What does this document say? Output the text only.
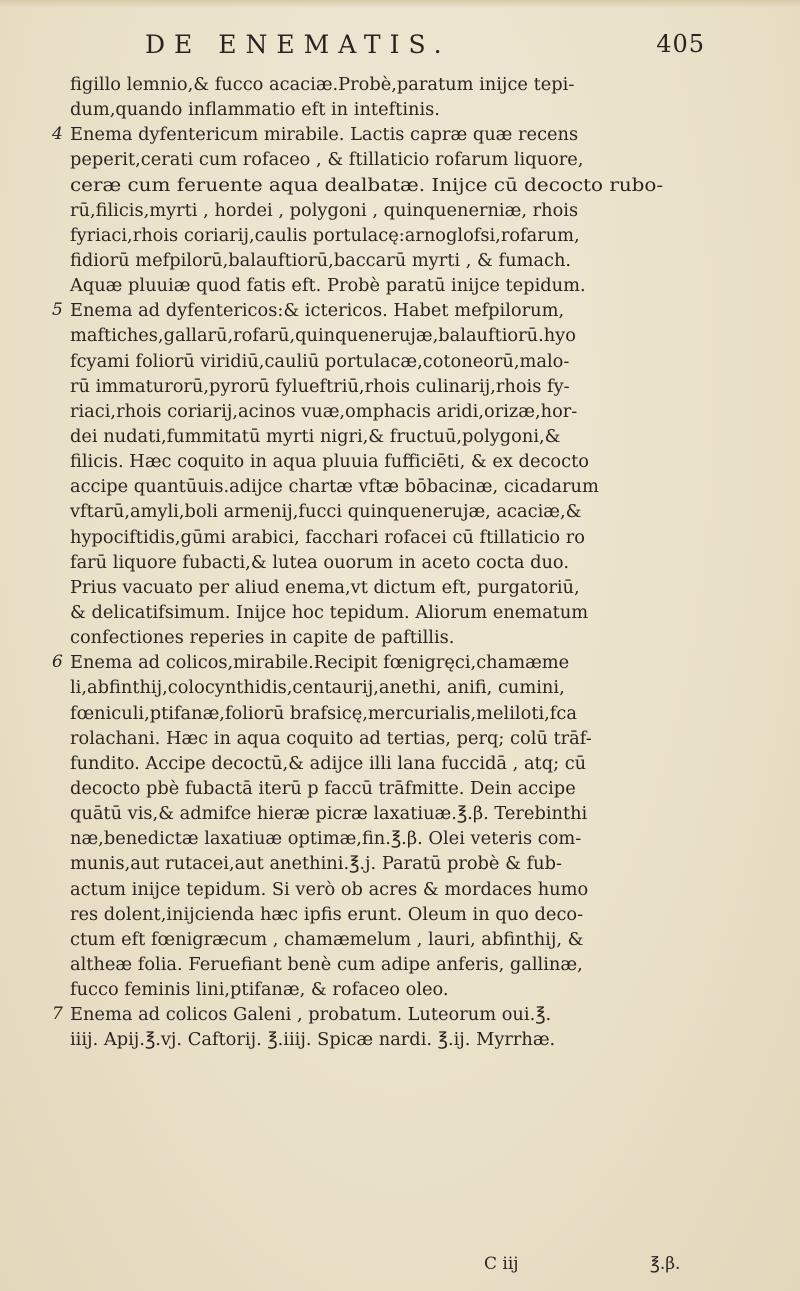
DE ENEMATIS.	405
figillo lemnio,& fucco acaciæ.Probè,paratum inijce tepi-
dum,quando inflammatio eft in inteftinis.
4 Enema dyfentericum mirabile. Lactis capræ quæ recens
peperit,cerati cum rofaceo , & ftillaticio rofarum liquore,
ceræ cum feruente aqua dealbatæ. Inijce cū decocto rubo-
rū,filicis,myrti , hordei , polygoni , quinquenerniæ, rhois
fyriaci,rhois coriarij,caulis portulacę:arnoglofsi,rofarum,
fidiorū mefpilorū,balauftiorū,baccarū myrti , & fumach.
Aquæ pluuiæ quod fatis eft. Probè paratū inijce tepidum.
5 Enema ad dyfentericos:& ictericos. Habet mefpilorum,
maftiches,gallarū,rofarū,quinquenerujæ,balauftiorū.hyo
fcyami foliorū viridiū,cauliū portulacæ,cotoneorū,malo-
rū immaturorū,pyrorū fylueftriū,rhois culinarij,rhois fy-
riaci,rhois coriarij,acinos vuæ,omphacis aridi,orizæ,hor-
dei nudati,fummitatū myrti nigri,& fructuū,polygoni,&
filicis. Hæc coquito in aqua pluuia fufficiēti, & ex decocto
accipe quantūuis.adijce chartæ vftæ bōbacinæ, cicadarum
vftarū,amyli,boli armenij,fucci quinquenerujæ, acaciæ,&
hypociftidis,gūmi arabici, facchari rofacei cū ftillaticio ro
farū liquore fubacti,& lutea ouorum in aceto cocta duo.
Prius vacuato per aliud enema,vt dictum eft, purgatoriū,
& delicatifsimum. Inijce hoc tepidum. Aliorum enematum
confectiones reperies in capite de paftillis.
6 Enema ad colicos,mirabile.Recipit fœnigręci,chamæme
li,abfinthij,colocynthidis,centaurij,anethi, anifi, cumini,
fœniculi,ptifanæ,foliorū brafsicę,mercurialis,meliloti,fca
rolachani. Hæc in aqua coquito ad tertias, perq; colū trāf-
fundito. Accipe decoctū,& adijce illi lana fuccidā , atq; cū
decocto pbè fubactā iterū p faccū trāfmitte. Dein accipe
quātū vis,& admifce hieræ picræ laxatiuæ.℥.β. Terebinthi
næ,benedictæ laxatiuæ optimæ,fin.℥.β. Olei veteris com-
munis,aut rutacei,aut anethini.℥.j. Paratū probè & fub-
actum inijce tepidum. Si verò ob acres & mordaces humo
res dolent,inijcienda hæc ipfis erunt. Oleum in quo deco-
ctum eft fœnigræcum , chamæmelum , lauri, abfinthij, &
altheæ folia. Feruefiant benè cum adipe anferis, gallinæ,
fucco feminis lini,ptifanæ, & rofaceo oleo.
7 Enema ad colicos Galeni , probatum. Luteorum oui.℥.
iiij. Apij.℥.vj. Caftorij. ℥.iiij. Spicæ nardi. ℥.ij. Myrrhæ.
C iij	℥.β.
